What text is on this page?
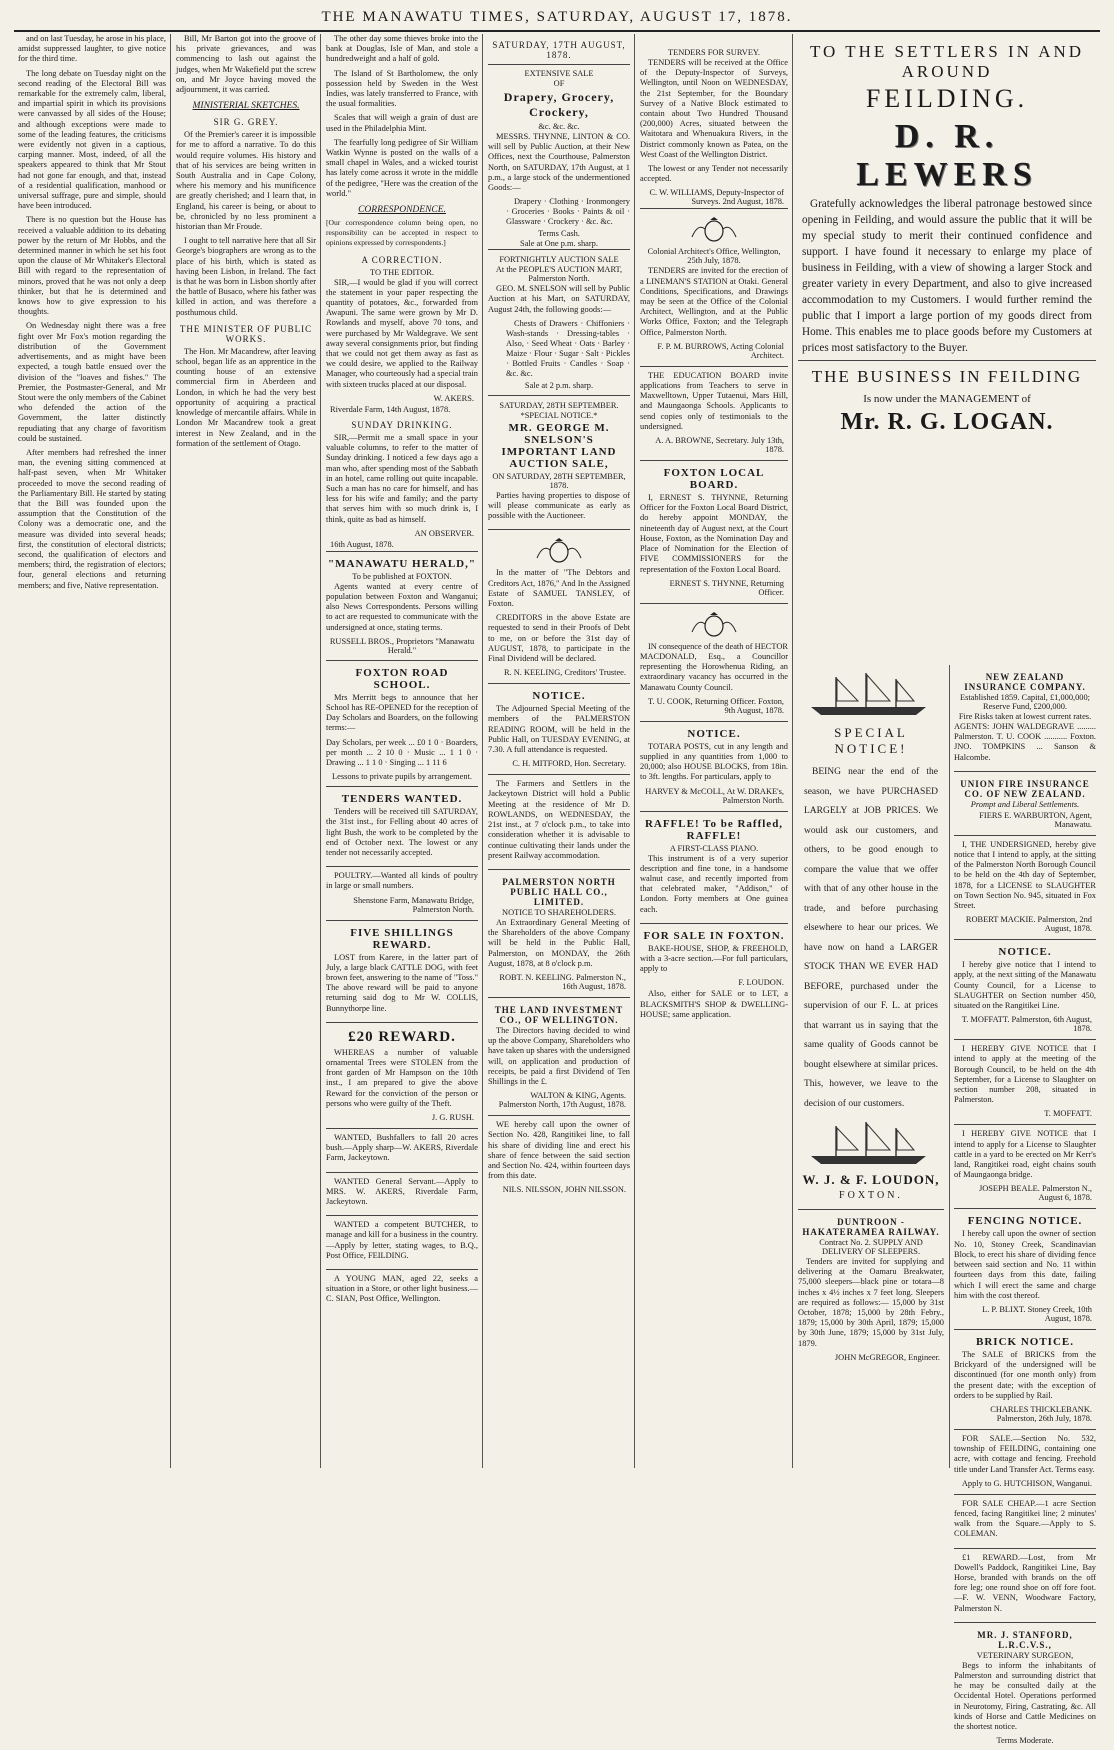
THE MANAWATU TIMES, SATURDAY, AUGUST 17, 1878.

and on last Tuesday, he arose in his place, amidst suppressed laughter, to give notice for the third time.

The long debate on Tuesday night on the second reading of the Electoral Bill was remarkable for the extremely calm, liberal, and impartial spirit in which its provisions were canvassed by all sides of the House; and although exceptions were made to some of the leading features, the criticisms were evidently not given in a captious, carping manner. Most, indeed, of all the speakers appeared to think that Mr Stout had not gone far enough, and that, instead of a residential qualification, manhood or universal suffrage, pure and simple, should have been introduced.

There is no question but the House has received a valuable addition to its debating power by the return of Mr Hobbs, and the determined manner in which he set his foot upon the clause of Mr Whitaker's Electoral Bill with regard to the representation of minors, proved that he was not only a deep thinker, but that he is determined and knows how to give expression to his thoughts.

On Wednesday night there was a free fight over Mr Fox's motion regarding the distribution of the Government advertisements, and as might have been expected, a tough battle ensued over the division of the "loaves and fishes." The Premier, the Postmaster-General, and Mr Stout were the only members of the Cabinet who defended the action of the Government, the latter distinctly repudiating that any charge of favoritism could be sustained.

After members had refreshed the inner man, the evening sitting commenced at half-past seven, when Mr Whitaker proceeded to move the second reading of the Parliamentary Bill. He started by stating that the Bill was founded upon the assumption that the Constitution of the Colony was a democratic one, and the measure was divided into several heads; first, the constitution of electoral districts; second, the qualification of electors and members; third, the registration of electors; four, general elections and returning members; and five, Native representation.

Bill, Mr Barton got into the groove of his private grievances, and was commencing to lash out against the judges, when Mr Wakefield put the screw on, and Mr Joyce having moved the adjournment, it was carried.

MINISTERIAL SKETCHES.
SIR G. GREY.

Of the Premier's career it is impossible for me to afford a narrative. To do this would require volumes. His history and that of his services are being written in South Australia and in Cape Colony, where his memory and his munificence are greatly cherished; and I learn that, in England, his career is being, or about to be, chronicled by no less prominent a historian than Mr Froude.

I ought to tell narrative here that all Sir George's biographers are wrong as to the place of his birth, which is stated as having been Lisbon, in Ireland. The fact is that he was born in Lisbon shortly after the battle of Busaco, where his father was killed in action, and was therefore a posthumous child.

THE MINISTER OF PUBLIC WORKS.

The Hon. Mr Macandrew, after leaving school, began life as an apprentice in the counting house of an extensive commercial firm in Aberdeen and London, in which he had the very best opportunity of acquiring a practical knowledge of mercantile affairs. While in London Mr Macandrew took a great interest in New Zealand, and in the formation of the settlement of Otago.

The other day some thieves broke into the bank at Douglas, Isle of Man, and stole a hundredweight and a half of gold.

The Island of St Bartholomew, the only possession held by Sweden in the West Indies, was lately transferred to France, with the usual formalities.

Scales that will weigh a grain of dust are used in the Philadelphia Mint.

The fearfully long pedigree of Sir William Watkin Wynne is posted on the walls of a small chapel in Wales, and a wicked tourist has lately come across it wrote in the middle of the pedigree, "Here was the creation of the world."

CORRESPONDENCE.

[Our correspondence column being open, no responsibility can be accepted in respect to opinions expressed by correspondents.]

A CORRECTION.
TO THE EDITOR.

SIR,—I would be glad if you will correct the statement in your paper respecting the quantity of potatoes, &c., forwarded from Awapuni. The same were grown by Mr D. Rowlands and myself, above 70 tons, and were purchased by Mr Waldegrave. We sent away several consignments prior, but finding that we could not get them away as fast as we could desire, we applied to the Railway Manager, who courteously had a special train with sixteen trucks placed at our disposal.

W. AKERS.
Riverdale Farm, 14th August, 1878.
SUNDAY DRINKING.

SIR,—Permit me a small space in your valuable columns, to refer to the matter of Sunday drinking. I noticed a few days ago a man who, after spending most of the Sabbath in an hotel, came rolling out quite incapable. Such a man has no care for himself, and has less for his wife and family; and the party that serves him with so much drink is, I think, quite as bad as himself.

AN OBSERVER.
16th August, 1878.
"MANAWATU HERALD,"
To be published at FOXTON.

Agents wanted at every centre of population between Foxton and Wanganui; also News Correspondents. Persons willing to act are requested to communicate with the undersigned at once, stating terms.

RUSSELL BROS., Proprietors "Manawatu Herald."
FOXTON ROAD SCHOOL.

Mrs Merritt begs to announce that her School has RE-OPENED for the reception of Day Scholars and Boarders, on the following terms:—

Day Scholars, per week ... £0 1 0 · Boarders, per month ... 2 10 0 · Music ... 1 1 0 · Drawing ... 1 1 0 · Singing ... 1 11 6

Lessons to private pupils by arrangement.
TENDERS WANTED.

Tenders will be received till SATURDAY, the 31st inst., for Felling about 40 acres of light Bush, the work to be completed by the end of October next. The lowest or any tender not necessarily accepted.

POULTRY.—Wanted all kinds of poultry in large or small numbers.

Shenstone Farm, Manawatu Bridge, Palmerston North.
FIVE SHILLINGS REWARD.

LOST from Karere, in the latter part of July, a large black CATTLE DOG, with feet brown feet, answering to the name of "Toss." The above reward will be paid to anyone returning said dog to Mr W. COLLIS, Bunnythorpe line.

£20 REWARD.

WHEREAS a number of valuable ornamental Trees were STOLEN from the front garden of Mr Hampson on the 10th inst., I am prepared to give the above Reward for the conviction of the person or persons who were guilty of the Theft.

J. G. RUSH.

WANTED, Bushfallers to fall 20 acres bush.—Apply sharp—W. AKERS, Riverdale Farm, Jackeytown.

WANTED General Servant.—Apply to MRS. W. AKERS, Riverdale Farm, Jackeytown.

WANTED a competent BUTCHER, to manage and kill for a business in the country.—Apply by letter, stating wages, to B.Q., Post Office, FEILDING.

A YOUNG MAN, aged 22, seeks a situation in a Store, or other light business.—C. SIAN, Post Office, Wellington.

SATURDAY, 17TH AUGUST, 1878.
EXTENSIVE SALE
OF
Drapery, Grocery, Crockery,
&c. &c. &c.

MESSRS. THYNNE, LINTON & CO. will sell by Public Auction, at their New Offices, next the Courthouse, Palmerston North, on SATURDAY, 17th August, at 1 p.m., a large stock of the undermentioned Goods:—

Drapery · Clothing · Ironmongery · Groceries · Books · Paints & oil · Glassware · Crockery · &c. &c.

Terms Cash.
Sale at One p.m. sharp.
FORTNIGHTLY AUCTION SALE
At the PEOPLE'S AUCTION MART, Palmerston North.

GEO. M. SNELSON will sell by Public Auction at his Mart, on SATURDAY, August 24th, the following goods:—

Chests of Drawers · Chiffoniers · Wash-stands · Dressing-tables · Also, · Seed Wheat · Oats · Barley · Maize · Flour · Sugar · Salt · Pickles · Bottled Fruits · Candles · Soap · &c. &c.

Sale at 2 p.m. sharp.
SATURDAY, 28TH SEPTEMBER.
*SPECIAL NOTICE.*
MR. GEORGE M. SNELSON'S IMPORTANT LAND AUCTION SALE,
ON SATURDAY, 28TH SEPTEMBER, 1878.

Parties having properties to dispose of will please communicate as early as possible with the Auctioneer.

In the matter of "The Debtors and Creditors Act, 1876," And In the Assigned Estate of SAMUEL TANSLEY, of Foxton.

CREDITORS in the above Estate are requested to send in their Proofs of Debt to me, on or before the 31st day of AUGUST, 1878, to participate in the Final Dividend will be declared.

R. N. KEELING, Creditors' Trustee.
NOTICE.

The Adjourned Special Meeting of the members of the PALMERSTON READING ROOM, will be held in the Public Hall, on TUESDAY EVENING, at 7.30. A full attendance is requested.

C. H. MITFORD, Hon. Secretary.

The Farmers and Settlers in the Jackeytown District will hold a Public Meeting at the residence of Mr D. ROWLANDS, on WEDNESDAY, the 21st inst., at 7 o'clock p.m., to take into consideration whether it is advisable to continue cultivating their lands under the present Railway accommodation.

PALMERSTON NORTH PUBLIC HALL CO., LIMITED.
NOTICE TO SHAREHOLDERS.

An Extraordinary General Meeting of the Shareholders of the above Company will be held in the Public Hall, Palmerston, on MONDAY, the 26th August, 1878, at 8 o'clock p.m.

ROBT. N. KEELING. Palmerston N., 16th August, 1878.
THE LAND INVESTMENT CO., OF WELLINGTON.

The Directors having decided to wind up the above Company, Shareholders who have taken up shares with the undersigned will, on application and production of receipts, be paid a first Dividend of Ten Shillings in the £.

WALTON & KING, Agents. Palmerston North, 17th August, 1878.

WE hereby call upon the owner of Section No. 428, Rangitikei line, to fall his share of dividing line and erect his share of fence between the said section and Section No. 424, within fourteen days from this date.

NILS. NILSSON, JOHN NILSSON.
TENDERS FOR SURVEY.

TENDERS will be received at the Office of the Deputy-Inspector of Surveys, Wellington, until Noon on WEDNESDAY, the 21st September, for the Boundary Survey of a Native Block estimated to contain about Two Hundred Thousand (200,000) Acres, situated between the Waitotara and Whenuakura Rivers, in the District commonly known as Patea, on the West Coast of the Wellington District.

The lowest or any Tender not necessarily accepted.

C. W. WILLIAMS, Deputy-Inspector of Surveys. 2nd August, 1878.
Colonial Architect's Office, Wellington, 25th July, 1878.

TENDERS are invited for the erection of a LINEMAN'S STATION at Otaki. General Conditions, Specifications, and Drawings may be seen at the Office of the Colonial Architect, Wellington, and at the Public Works Office, Foxton; and the Telegraph Office, Palmerston North.

F. P. M. BURROWS, Acting Colonial Architect.

THE EDUCATION BOARD invite applications from Teachers to serve in Maxwelltown, Upper Tutaenui, Mars Hill, and Maungaonga Schools. Applicants to send copies only of testimonials to the undersigned.

A. A. BROWNE, Secretary. July 13th, 1878.
FOXTON LOCAL BOARD.

I, ERNEST S. THYNNE, Returning Officer for the Foxton Local Board District, do hereby appoint MONDAY, the nineteenth day of August next, at the Court House, Foxton, as the Nomination Day and Place of Nomination for the Election of FIVE COMMISSIONERS for the representation of the Foxton Local Board.

ERNEST S. THYNNE, Returning Officer.

IN consequence of the death of HECTOR MACDONALD, Esq., a Councillor representing the Horowhenua Riding, an extraordinary vacancy has occurred in the Manawatu County Council.

T. U. COOK, Returning Officer. Foxton, 9th August, 1878.
NOTICE.

TOTARA POSTS, cut in any length and supplied in any quantities from 1,000 to 20,000; also HOUSE BLOCKS, from 18in. to 3ft. lengths. For particulars, apply to

HARVEY & McCOLL, At W. DRAKE's, Palmerston North.
RAFFLE! To be Raffled, RAFFLE!
A FIRST-CLASS PIANO.

This instrument is of a very superior description and fine tone, in a handsome walnut case, and recently imported from that celebrated maker, "Addison," of London. Forty members at One guinea each.

FOR SALE IN FOXTON.

BAKE-HOUSE, SHOP, & FREEHOLD, with a 3-acre section.—For full particulars, apply to

F. LOUDON.

Also, either for SALE or to LET, a BLACKSMITH'S SHOP & DWELLING-HOUSE; same application.

TO THE SETTLERS IN AND AROUND
FEILDING.
D. R. LEWERS

Gratefully acknowledges the liberal patronage bestowed since opening in Feilding, and would assure the public that it will be my special study to merit their continued confidence and support. I have found it necessary to enlarge my place of business in Feilding, with a view of showing a larger Stock and greater variety in every Department, and also to give increased accommodation to my Customers. I would further remind the public that I import a large portion of my goods direct from Home. This enables me to place goods before my Customers at prices most satisfactory to the Buyer.

THE BUSINESS IN FEILDING
Is now under the MANAGEMENT of
Mr. R. G. LOGAN.
SPECIAL NOTICE!

BEING near the end of the season, we have PURCHASED LARGELY at JOB PRICES. We would ask our customers, and others, to be good enough to compare the value that we offer with that of any other house in the trade, and before purchasing elsewhere to hear our prices. We have now on hand a LARGER STOCK THAN WE EVER HAD BEFORE, purchased under the supervision of our F. L. at prices that warrant us in saying that the same quality of Goods cannot be bought elsewhere at similar prices. This, however, we leave to the decision of our customers.

W. J. & F. LOUDON,
FOXTON.
DUNTROON - HAKATERAMEA RAILWAY.
Contract No. 2. SUPPLY AND DELIVERY OF SLEEPERS.

Tenders are invited for supplying and delivering at the Oamaru Breakwater, 75,000 sleepers—black pine or totara—8 inches x 4½ inches x 7 feet long. Sleepers are required as follows:— 15,000 by 31st October, 1878; 15,000 by 28th Febry., 1879; 15,000 by 30th April, 1879; 15,000 by 30th June, 1879; 15,000 by 31st July, 1879.

JOHN McGREGOR, Engineer.
NEW ZEALAND INSURANCE COMPANY.
Established 1859. Capital, £1,000,000; Reserve Fund, £200,000.
Fire Risks taken at lowest current rates.

AGENTS: JOHN WALDEGRAVE ......... Palmerston. T. U. COOK ........... Foxton. JNO. TOMPKINS ... Sanson & Halcombe.

UNION FIRE INSURANCE CO. OF NEW ZEALAND.
Prompt and Liberal Settlements.
FIERS E. WARBURTON, Agent, Manawatu.

I, THE UNDERSIGNED, hereby give notice that I intend to apply, at the sitting of the Palmerston North Borough Council to be held on the 4th day of September, 1878, for a LICENSE to SLAUGHTER on Town Section No. 945, situated in Fox Street.

ROBERT MACKIE. Palmerston, 2nd August, 1878.
NOTICE.

I hereby give notice that I intend to apply, at the next sitting of the Manawatu County Council, for a License to SLAUGHTER on Section number 450, situated on the Rangitikei Line.

T. MOFFATT. Palmerston, 6th August, 1878.

I HEREBY GIVE NOTICE that I intend to apply at the meeting of the Borough Council, to be held on the 4th September, for a License to Slaughter on section number 208, situated in Palmerston.

T. MOFFATT.

I HEREBY GIVE NOTICE that I intend to apply for a License to Slaughter cattle in a yard to be erected on Mr Kerr's land, Rangitikei road, eight chains south of Maungaonga bridge.

JOSEPH BEALE. Palmerston N., August 6, 1878.
FENCING NOTICE.

I hereby call upon the owner of section No. 10, Stoney Creek, Scandinavian Block, to erect his share of dividing fence between said section and No. 11 within fourteen days from this date, failing which I will erect the same and charge him with the cost thereof.

L. P. BLIXT. Stoney Creek, 10th August, 1878.
BRICK NOTICE.

The SALE of BRICKS from the Brickyard of the undersigned will be discontinued (for one month only) from the present date; with the exception of orders to be supplied by Rail.

CHARLES THICKLEBANK. Palmerston, 26th July, 1878.

FOR SALE.—Section No. 532, township of FEILDING, containing one acre, with cottage and fencing. Freehold title under Land Transfer Act. Terms easy.

Apply to G. HUTCHISON, Wanganui.

FOR SALE CHEAP.—1 acre Section fenced, facing Rangitikei line; 2 minutes' walk from the Square.—Apply to S. COLEMAN.

£1 REWARD.—Lost, from Mr Dowell's Paddock, Rangitikei Line, Bay Horse, branded with brands on the off fore leg; one round shoe on off fore foot.—F. W. VENN, Woodware Factory, Palmerston N.

MR. J. STANFORD, L.R.C.V.S.,
VETERINARY SURGEON,

Begs to inform the inhabitants of Palmerston and surrounding district that he may be consulted daily at the Occidental Hotel. Operations performed in Neurotomy, Firing, Castrating, &c. All kinds of Horse and Cattle Medicines on the shortest notice.

Terms Moderate.
